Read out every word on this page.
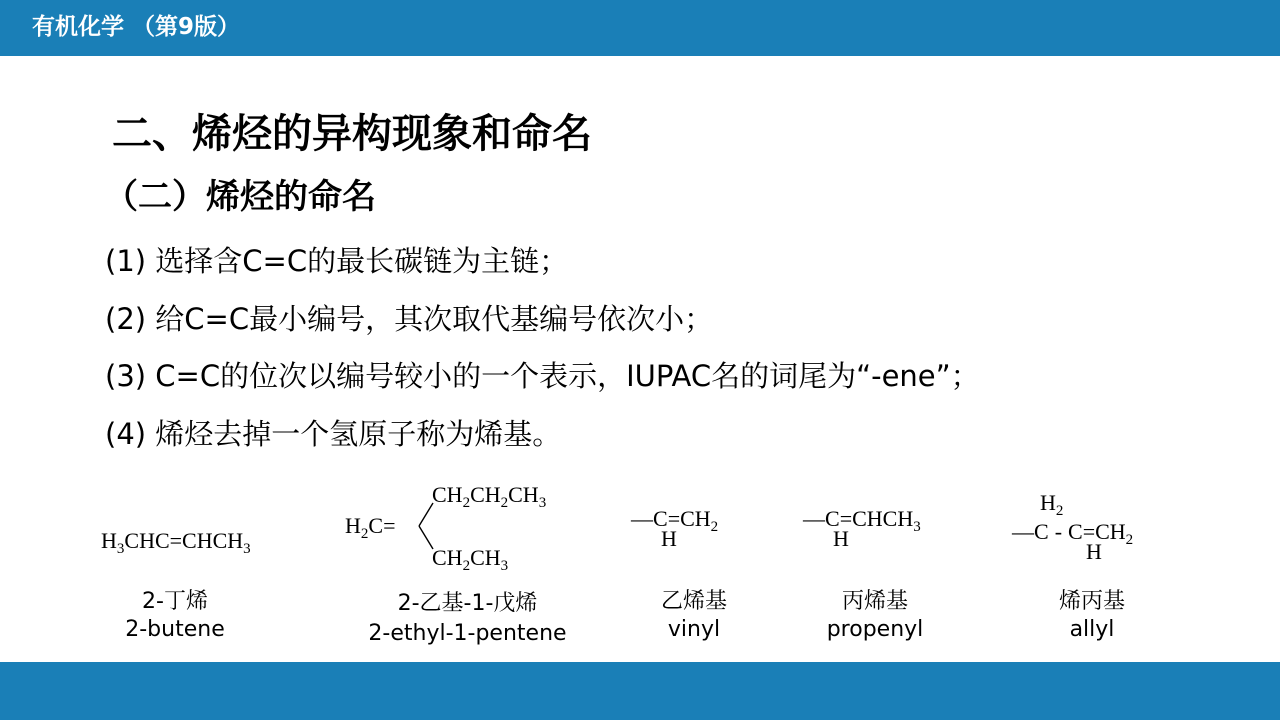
有机化学 （第9版）
二、烯烃的异构现象和命名
（二）烯烃的命名
(1) 选择含C=C的最长碳链为主链；
(2) 给C=C最小编号，其次取代基编号依次小；
(3) C=C的位次以编号较小的一个表示，IUPAC名的词尾为“-ene”；
(4) 烯烃去掉一个氢原子称为烯基。
$H_3CHC=CHCH_3$
2-丁烯
2-butene
$H_2C=$
$CH_2CH_2CH_3$
$CH_2CH_3$
2-乙基-1-戊烯
2-ethyl-1-pentene
$—C=CH_2$
H
乙烯基
vinyl
$—C=CHCH_3$
H
丙烯基
propenyl
$H_2$
—C - $C=CH_2$
H
烯丙基
allyl
